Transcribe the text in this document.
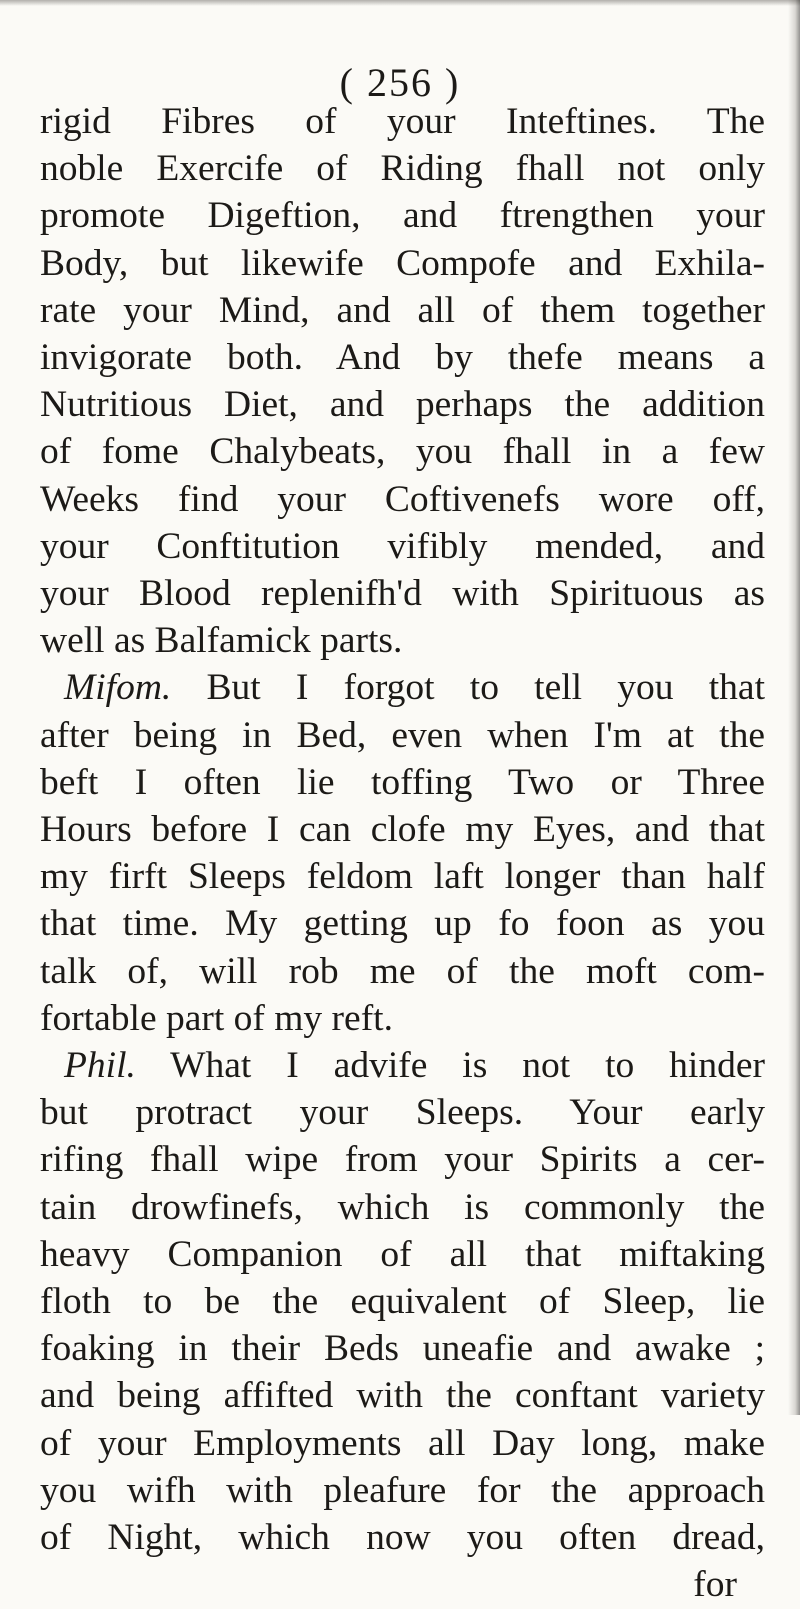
( 256 )
rigid Fibres of your Inteftines. The
noble Exercife of Riding fhall not only
promote Digeftion, and ftrengthen your
Body, but likewife Compofe and Exhila-
rate your Mind, and all of them together
invigorate both. And by thefe means a
Nutritious Diet, and perhaps the addition
of fome Chalybeats, you fhall in a few
Weeks find your Coftivenefs wore off,
your Conftitution vifibly mended, and
your Blood replenifh'd with Spirituous as
well as Balfamick parts.
Mifom. But I forgot to tell you that
after being in Bed, even when I'm at the
beft I often lie toffing Two or Three
Hours before I can clofe my Eyes, and that
my firft Sleeps feldom laft longer than half
that time. My getting up fo foon as you
talk of, will rob me of the moft com-
fortable part of my reft.
Phil. What I advife is not to hinder
but protract your Sleeps. Your early
rifing fhall wipe from your Spirits a cer-
tain drowfinefs, which is commonly the
heavy Companion of all that miftaking
floth to be the equivalent of Sleep, lie
foaking in their Beds uneafie and awake ;
and being affifted with the conftant variety
of your Employments all Day long, make
you wifh with pleafure for the approach
of Night, which now you often dread,
for
